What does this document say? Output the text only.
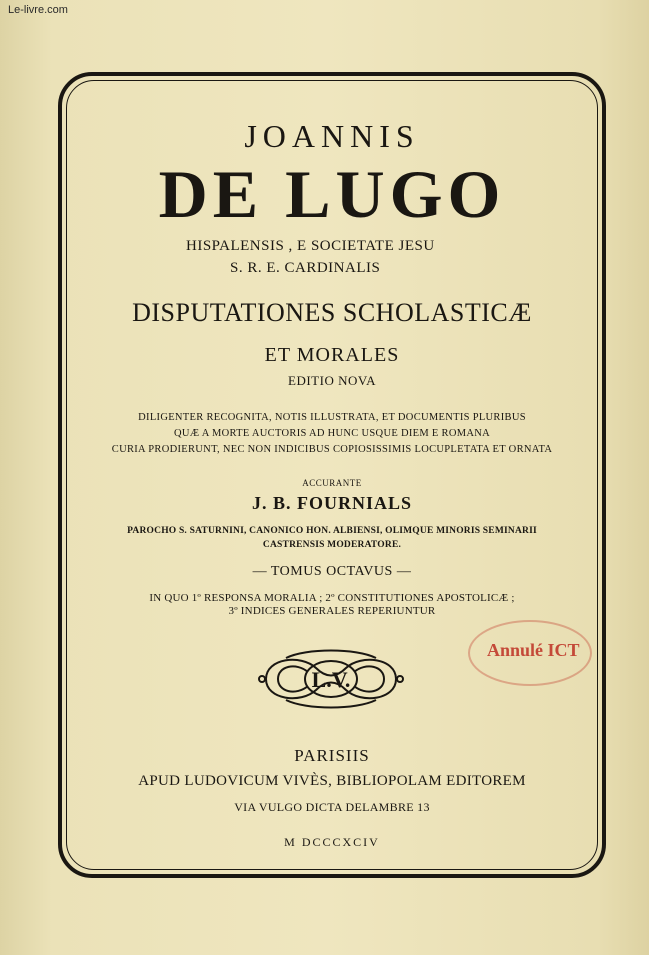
Le-livre.com
JOANNIS
DE LUGO
HISPALENSIS , E SOCIETATE JESU
S. R. E. CARDINALIS
DISPUTATIONES SCHOLASTICÆ
ET MORALES
EDITIO NOVA
DILIGENTER RECOGNITA, NOTIS ILLUSTRATA, ET DOCUMENTIS PLURIBUS
QUÆ A MORTE AUCTORIS AD HUNC USQUE DIEM E ROMANA
CURIA PRODIERUNT, NEC NON INDICIBUS COPIOSISSIMIS LOCUPLETATA ET ORNATA
ACCURANTE
J. B. FOURNIALS
PAROCHO S. SATURNINI, CANONICO HON. ALBIENSI, OLIMQUE MINORIS SEMINARII
CASTRENSIS MODERATORE.
— TOMUS OCTAVUS —
IN QUO 1º RESPONSA MORALIA ; 2º CONSTITUTIONES APOSTOLICÆ ;
3º INDICES GENERALES REPERIUNTUR
Annulé ICT
L.V.
PARISIIS
APUD LUDOVICUM VIVÈS, BIBLIOPOLAM EDITOREM
VIA VULGO DICTA DELAMBRE 13
M DCCCXCIV
